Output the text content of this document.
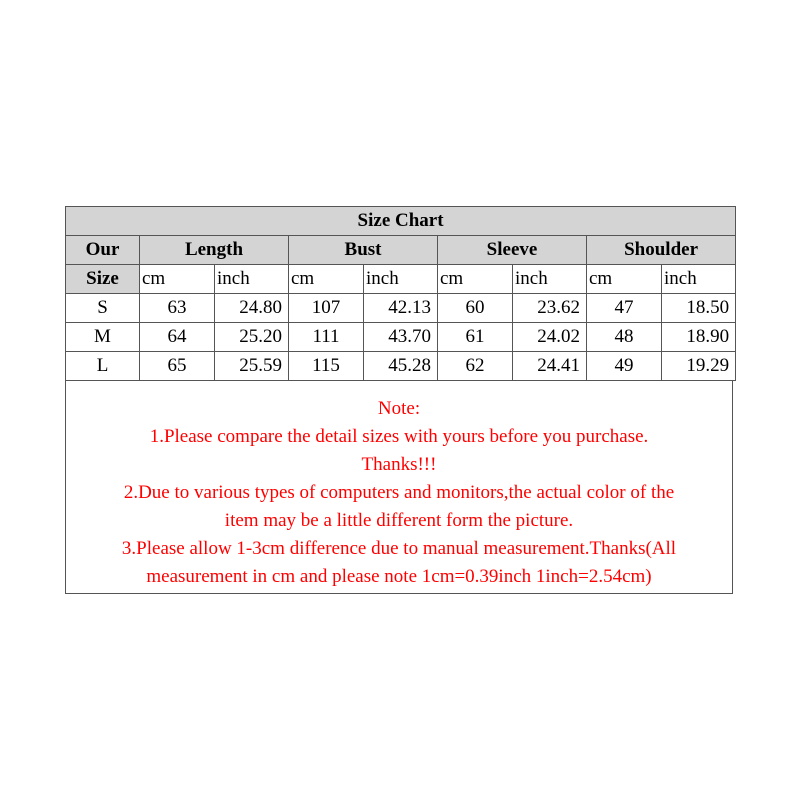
Size Chart								
Our	Length		Bust		Sleeve		Shoulder	
Size	cm	inch	cm	inch	cm	inch	cm	inch
S	63	24.80	107	42.13	60	23.62	47	18.50
M	64	25.20	111	43.70	61	24.02	48	18.90
L	65	25.59	115	45.28	62	24.41	49	19.29
Note:
1.Please compare the detail sizes with yours before you purchase.
Thanks!!!
2.Due to various types of computers and monitors,the actual color of the
item may be a little different form the picture.
3.Please allow 1-3cm difference due to manual measurement.Thanks(All
measurement in cm and please note 1cm=0.39inch 1inch=2.54cm)
